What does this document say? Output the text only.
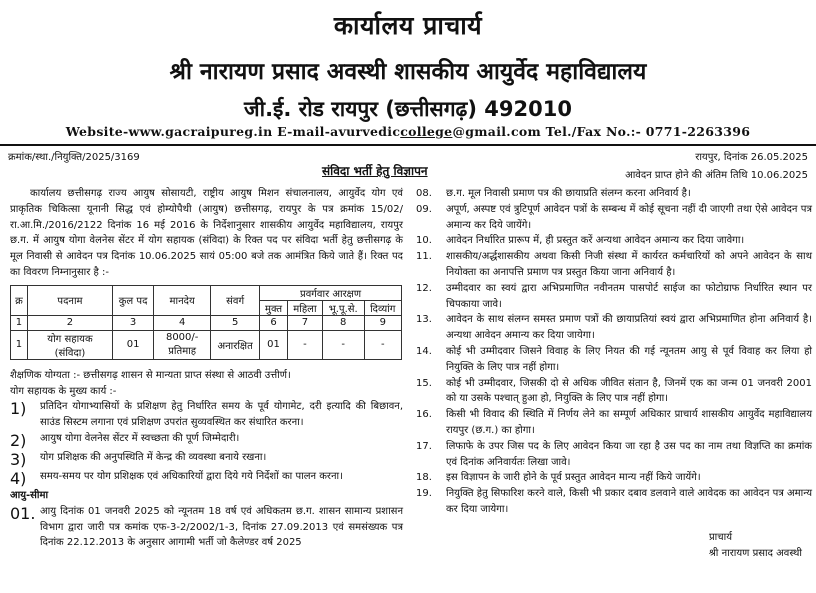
कार्यालय प्राचार्य
श्री नारायण प्रसाद अवस्थी शासकीय आयुर्वेद महाविद्यालय
जी.ई. रोड रायपुर (छत्तीसगढ़) 492010
Website-www.gacraipureg.in E-mail-avurvediccollege@gmail.com Tel./Fax No.:- 0771-2263396
क्रमांक/स्था./नियुक्ति/2025/3169	रायपुर, दिनांक 26.05.2025
संविदा भर्ती हेतु विज्ञापन	आवेदन प्राप्त होने की अंतिम तिथि 10.06.2025

कार्यालय छत्तीसगढ़ राज्य आयुष सोसायटी, राष्ट्रीय आयुष मिशन संचालनालय, आयुर्वेद योग एवं प्राकृतिक चिकित्सा यूनानी सिद्ध एवं होम्योपैथी (आयुष) छत्तीसगढ़, रायपुर के पत्र क्रमांक 15/02/रा.आ.मि./2016/2122 दिनांक 16 मई 2016 के निर्देशानुसार शासकीय आयुर्वेद महाविद्यालय, रायपुर छ.ग. में आयुष योगा वेलनेस सेंटर में योग सहायक (संविदा) के रिक्त पद पर संविदा भर्ती हेतु छत्तीसगढ़ के मूल निवासी से आवेदन पत्र दिनांक 10.06.2025 सायं 05:00 बजे तक आमंत्रित किये जाते हैं। रिक्त पद का विवरण निम्नानुसार है :-

क्र	पदनाम	कुल पद	मानदेय	संवर्ग	प्रवर्गवार आरक्षण			
					मुक्त	महिला	भू.पू.से.	दिव्यांग
1	2	3	4	5	6	7	8	9
1	योग सहायक (संविदा)	01	8000/- प्रतिमाह	अनारक्षित	01	-	-	-

शैक्षणिक योग्यता :- छत्तीसगढ़ शासन से मान्यता प्राप्त संस्था से आठवी उत्तीर्ण।

योग सहायक के मुख्य कार्य :-

1)	प्रतिदिन योगाभ्यासियों के प्रशिक्षण हेतु निर्धारित समय के पूर्व योगामेट, दरी इत्यादि की बिछावन, साउंड सिस्टम लगाना एवं प्रशिक्षण उपरांत सुव्यवस्थित कर संधारित करना।
2)	आयुष योगा वेलनेस सेंटर में स्वच्छता की पूर्ण जिम्मेदारी।
3)	योग प्रशिक्षक की अनुपस्थिति में केन्द्र की व्यवस्था बनाये रखना।
4)	समय-समय पर योग प्रशिक्षक एवं अधिकारियों द्वारा दिये गये निर्देशों का पालन करना।

आयु-सीमा

01. आयु दिनांक 01 जनवरी 2025 को न्यूनतम 18 वर्ष एवं अधिकतम छ.ग. शासन सामान्य प्रशासन विभाग द्वारा जारी पत्र कमांक एफ-3-2/2002/1-3, दिनांक 27.09.2013 एवं समसंख्यक पत्र दिनांक 22.12.2013 के अनुसार आगामी भर्ती जो कैलेण्डर वर्ष 2025
08.	छ.ग. मूल निवासी प्रमाण पत्र की छायाप्रति संलग्न करना अनिवार्य है।
09.	अपूर्ण, अस्पष्ट एवं त्रुटिपूर्ण आवेदन पत्रों के सम्बन्ध में कोई सूचना नहीं दी जाएगी तथा ऐसे आवेदन पत्र अमान्य कर दिये जायेंगे।
10.	आवेदन निर्धारित प्रारूप में, ही प्रस्तुत करें अन्यथा आवेदन अमान्य कर दिया जावेगा।
11.	शासकीय/अर्द्धशासकीय अथवा किसी निजी संस्था में कार्यरत कर्मचारियों को अपने आवेदन के साथ नियोक्ता का अनापत्ति प्रमाण पत्र प्रस्तुत किया जाना अनिवार्य है।
12.	उम्मीदवार का स्वयं द्वारा अभिप्रमाणित नवीनतम पासपोर्ट साईज का फोटोग्राफ निर्धारित स्थान पर चिपकाया जावे।
13.	आवेदन के साथ संलग्न समस्त प्रमाण पत्रों की छायाप्रतियां स्वयं द्वारा अभिप्रमाणित होना अनिवार्य है। अन्यथा आवेदन अमान्य कर दिया जायेगा।
14.	कोई भी उम्मीदवार जिसने विवाह के लिए नियत की गई न्यूनतम आयु से पूर्व विवाह कर लिया हो नियुक्ति के लिए पात्र नहीं होगा।
15.	कोई भी उम्मीदवार, जिसकी दो से अधिक जीवित संतान है, जिनमें एक का जन्म 01 जनवरी 2001 को या उसके पश्चात् हुआ हो, नियुक्ति के लिए पात्र नहीं होगा।
16.	किसी भी विवाद की स्थिति में निर्णय लेने का सम्पूर्ण अधिकार प्राचार्य शासकीय आयुर्वेद महाविद्यालय रायपुर (छ.ग.) का होगा।
17.	लिफाफे के उपर जिस पद के लिए आवेदन किया जा रहा है उस पद का नाम तथा विज्ञप्ति का क्रमांक एवं दिनांक अनिवार्यतः लिखा जावे।
18.	इस विज्ञापन के जारी होने के पूर्व प्रस्तुत आवेदन मान्य नहीं किये जायेंगे।
19.	नियुक्ति हेतु सिफारिश करने वाले, किसी भी प्रकार दबाव डलवाने वाले आवेदक का आवेदन पत्र अमान्य कर दिया जायेगा।
प्राचार्य
श्री नारायण प्रसाद अवस्थी
